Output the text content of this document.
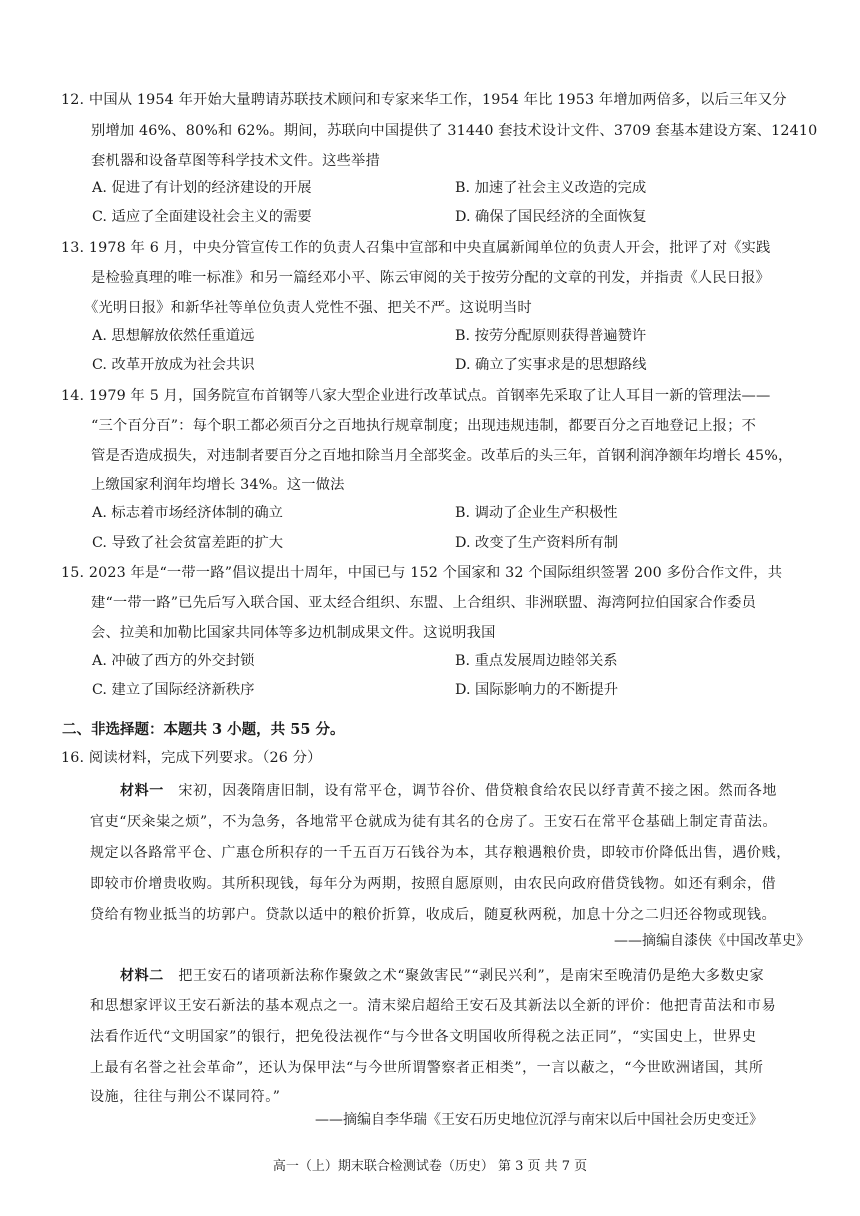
12. 中国从 1954 年开始大量聘请苏联技术顾问和专家来华工作，1954 年比 1953 年增加两倍多，以后三年又分
别增加 46%、80%和 62%。期间，苏联向中国提供了 31440 套技术设计文件、3709 套基本建设方案、12410
套机器和设备草图等科学技术文件。这些举措
A. 促进了有计划的经济建设的开展	B. 加速了社会主义改造的完成
C. 适应了全面建设社会主义的需要	D. 确保了国民经济的全面恢复
13. 1978 年 6 月，中央分管宣传工作的负责人召集中宣部和中央直属新闻单位的负责人开会，批评了对《实践
是检验真理的唯一标准》和另一篇经邓小平、陈云审阅的关于按劳分配的文章的刊发，并指责《人民日报》
《光明日报》和新华社等单位负责人党性不强、把关不严。这说明当时
A. 思想解放依然任重道远	B. 按劳分配原则获得普遍赞许
C. 改革开放成为社会共识	D. 确立了实事求是的思想路线
14. 1979 年 5 月，国务院宣布首钢等八家大型企业进行改革试点。首钢率先采取了让人耳目一新的管理法——
“三个百分百”：每个职工都必须百分之百地执行规章制度；出现违规违制，都要百分之百地登记上报；不
管是否造成损失，对违制者要百分之百地扣除当月全部奖金。改革后的头三年，首钢利润净额年均增长 45%，
上缴国家利润年均增长 34%。这一做法
A. 标志着市场经济体制的确立	B. 调动了企业生产积极性
C. 导致了社会贫富差距的扩大	D. 改变了生产资料所有制
15. 2023 年是“一带一路”倡议提出十周年，中国已与 152 个国家和 32 个国际组织签署 200 多份合作文件，共
建“一带一路”已先后写入联合国、亚太经合组织、东盟、上合组织、非洲联盟、海湾阿拉伯国家合作委员
会、拉美和加勒比国家共同体等多边机制成果文件。这说明我国
A. 冲破了西方的外交封锁	B. 重点发展周边睦邻关系
C. 建立了国际经济新秩序	D. 国际影响力的不断提升
二、非选择题：本题共 3 小题，共 55 分。
16. 阅读材料，完成下列要求。（26 分）
材料一　宋初，因袭隋唐旧制，设有常平仓，调节谷价、借贷粮食给农民以纾青黄不接之困。然而各地
官吏“厌籴粜之烦”，不为急务，各地常平仓就成为徒有其名的仓房了。王安石在常平仓基础上制定青苗法。
规定以各路常平仓、广惠仓所积存的一千五百万石钱谷为本，其存粮遇粮价贵，即较市价降低出售，遇价贱，
即较市价增贵收购。其所积现钱，每年分为两期，按照自愿原则，由农民向政府借贷钱物。如还有剩余，借
贷给有物业抵当的坊郭户。贷款以适中的粮价折算，收成后，随夏秋两税，加息十分之二归还谷物或现钱。
——摘编自漆侠《中国改革史》
材料二　把王安石的诸项新法称作聚敛之术“聚敛害民”“剥民兴利”，是南宋至晚清仍是绝大多数史家
和思想家评议王安石新法的基本观点之一。清末梁启超给王安石及其新法以全新的评价：他把青苗法和市易
法看作近代“文明国家”的银行，把免役法视作“与今世各文明国收所得税之法正同”，“实国史上，世界史
上最有名誉之社会革命”，还认为保甲法“与今世所谓警察者正相类”，一言以蔽之，“今世欧洲诸国，其所
设施，往往与荆公不谋同符。”
——摘编自李华瑞《王安石历史地位沉浮与南宋以后中国社会历史变迁》
高一（上）期末联合检测试卷（历史） 第 3 页 共 7 页
